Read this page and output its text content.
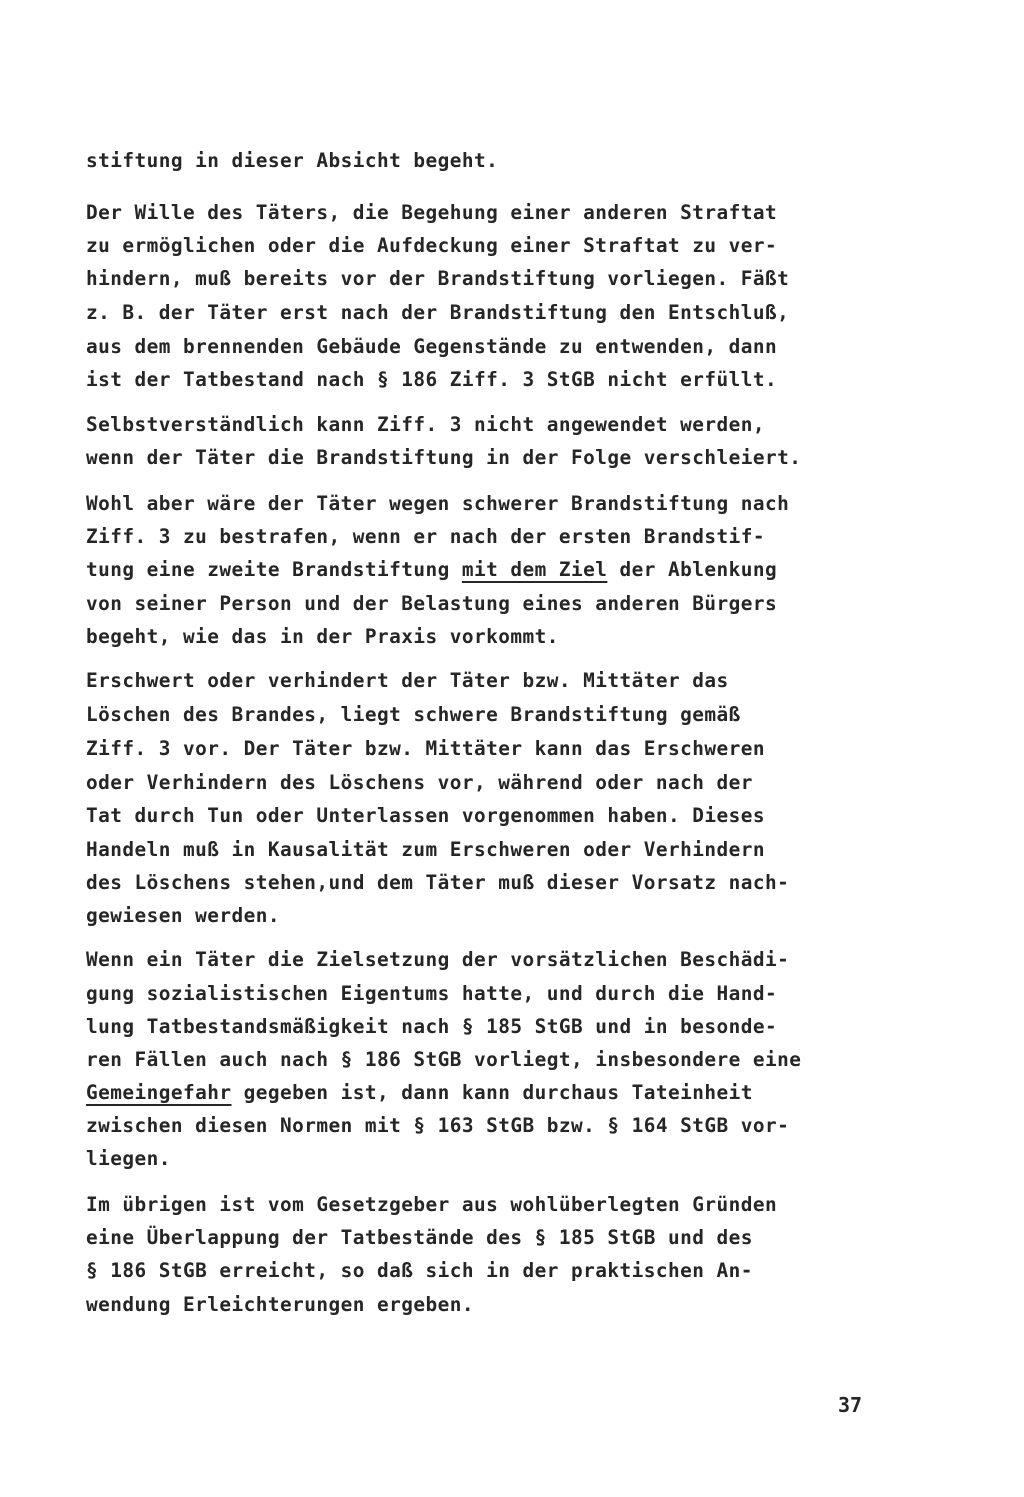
stiftung in dieser Absicht begeht.

Der Wille des Täters, die Begehung einer anderen Straftat

zu ermöglichen oder die Aufdeckung einer Straftat zu ver-

hindern, muß bereits vor der Brandstiftung vorliegen. Fäßt

z. B. der Täter erst nach der Brandstiftung den Entschluß,

aus dem brennenden Gebäude Gegenstände zu entwenden, dann

ist der Tatbestand nach § 186 Ziff. 3 StGB nicht erfüllt.

Selbstverständlich kann Ziff. 3 nicht angewendet werden,

wenn der Täter die Brandstiftung in der Folge verschleiert.

Wohl aber wäre der Täter wegen schwerer Brandstiftung nach

Ziff. 3 zu bestrafen, wenn er nach der ersten Brandstif-

tung eine zweite Brandstiftung mit dem Ziel der Ablenkung

von seiner Person und der Belastung eines anderen Bürgers

begeht, wie das in der Praxis vorkommt.

Erschwert oder verhindert der Täter bzw. Mittäter das

Löschen des Brandes, liegt schwere Brandstiftung gemäß

Ziff. 3 vor. Der Täter bzw. Mittäter kann das Erschweren

oder Verhindern des Löschens vor, während oder nach der

Tat durch Tun oder Unterlassen vorgenommen haben. Dieses

Handeln muß in Kausalität zum Erschweren oder Verhindern

des Löschens stehen,und dem Täter muß dieser Vorsatz nach-

gewiesen werden.

Wenn ein Täter die Zielsetzung der vorsätzlichen Beschädi-

gung sozialistischen Eigentums hatte, und durch die Hand-

lung Tatbestandsmäßigkeit nach § 185 StGB und in besonde-

ren Fällen auch nach § 186 StGB vorliegt, insbesondere eine

Gemeingefahr gegeben ist, dann kann durchaus Tateinheit

zwischen diesen Normen mit § 163 StGB bzw. § 164 StGB vor-

liegen.

Im übrigen ist vom Gesetzgeber aus wohlüberlegten Gründen

eine Überlappung der Tatbestände des § 185 StGB und des

§ 186 StGB erreicht, so daß sich in der praktischen An-

wendung Erleichterungen ergeben.

37
